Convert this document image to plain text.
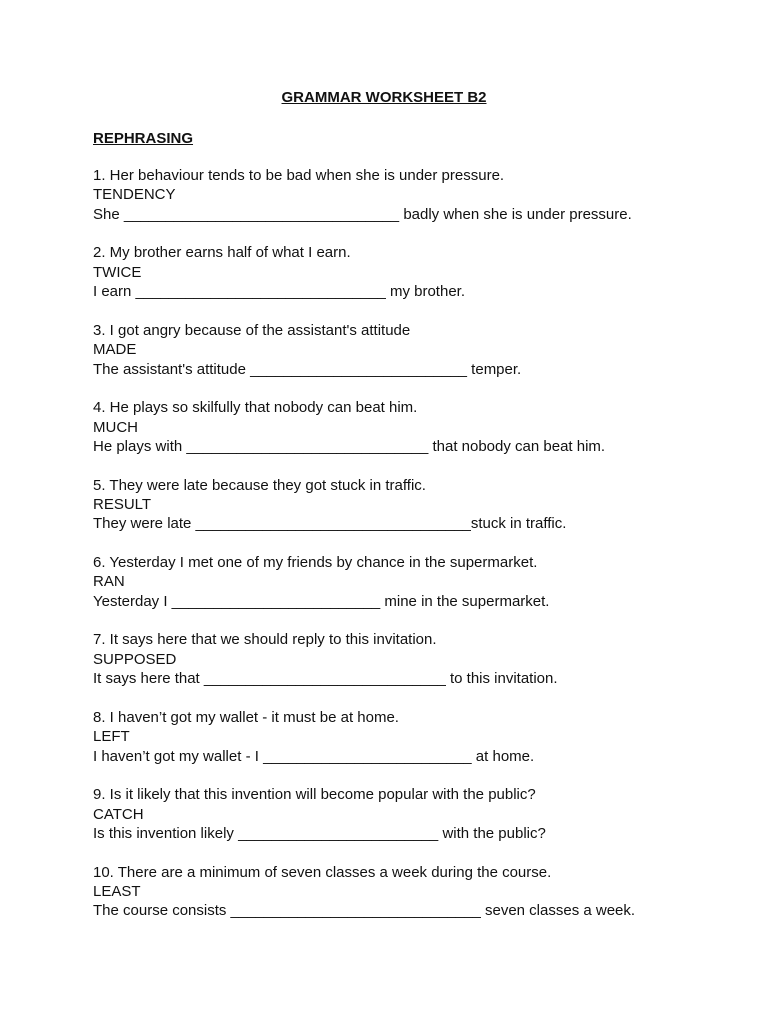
GRAMMAR WORKSHEET B2
REPHRASING
1. Her behaviour tends to be bad when she is under pressure.
TENDENCY
She _________________________________ badly when she is under pressure.
2. My brother earns half of what I earn.
TWICE
I earn ______________________________ my brother.
3. I got angry because of the assistant's attitude
MADE
The assistant's attitude __________________________ temper.
4. He plays so skilfully that nobody can beat him.
MUCH
He plays with _____________________________ that nobody can beat him.
5. They were late because they got stuck in traffic.
RESULT
They were late _________________________________stuck in traffic.
6. Yesterday I met one of my friends by chance in the supermarket.
RAN
Yesterday I _________________________ mine in the supermarket.
7. It says here that we should reply to this invitation.
SUPPOSED
It says here that _____________________________ to this invitation.
8. I haven’t got my wallet - it must be at home.
LEFT
I haven’t got my wallet - I _________________________ at home.
9. Is it likely that this invention will become popular with the public?
CATCH
Is this invention likely ________________________ with the public?
10. There are a minimum of seven classes a week during the course.
LEAST
The course consists ______________________________ seven classes a week.
